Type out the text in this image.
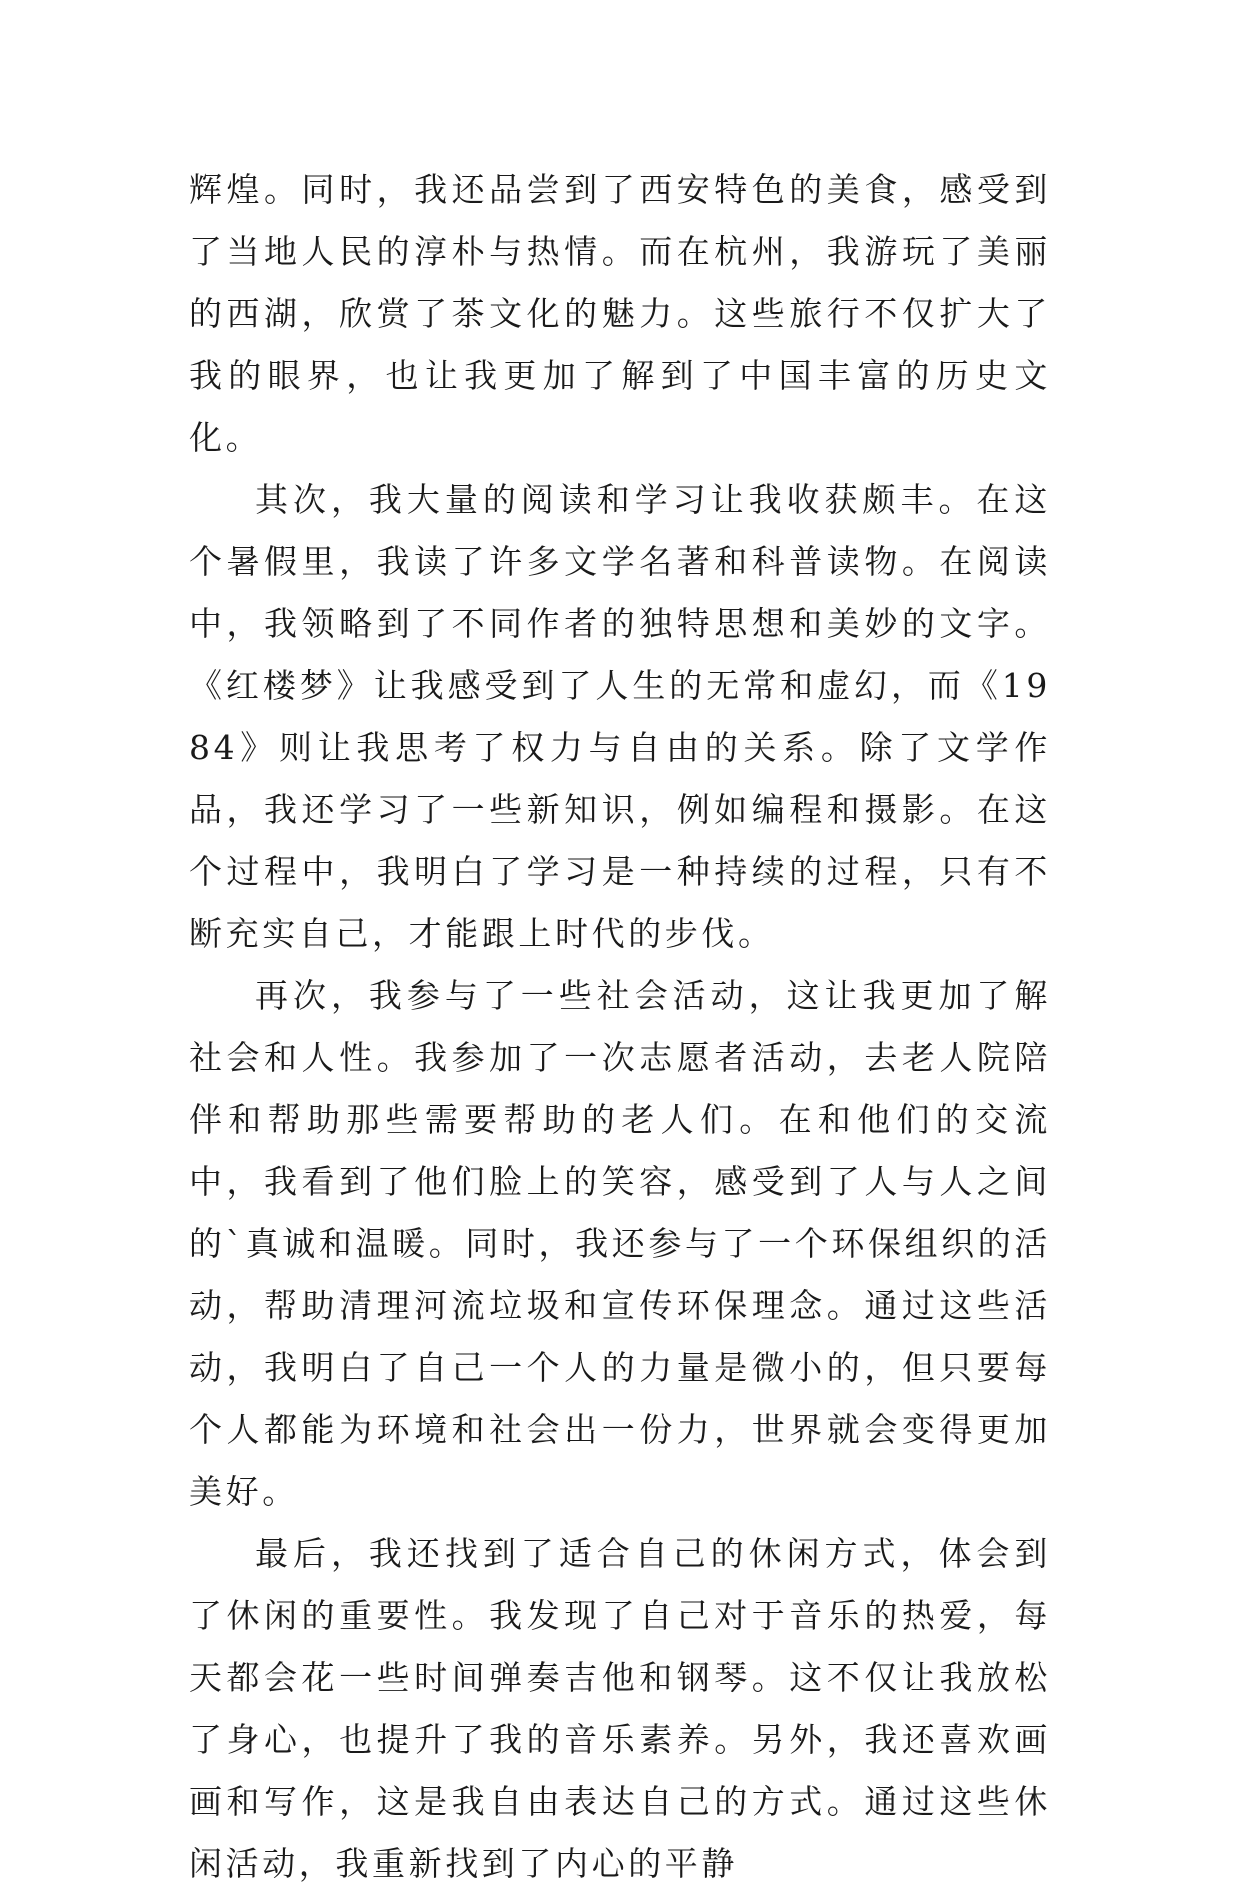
辉煌。同时，我还品尝到了西安特色的美食，感受到了当地人民的淳朴与热情。而在杭州，我游玩了美丽的西湖，欣赏了茶文化的魅力。这些旅行不仅扩大了我的眼界，也让我更加了解到了中国丰富的历史文化。

其次，我大量的阅读和学习让我收获颇丰。在这个暑假里，我读了许多文学名著和科普读物。在阅读中，我领略到了不同作者的独特思想和美妙的文字。《红楼梦》让我感受到了人生的无常和虚幻，而《1984》则让我思考了权力与自由的关系。除了文学作品，我还学习了一些新知识，例如编程和摄影。在这个过程中，我明白了学习是一种持续的过程，只有不断充实自己，才能跟上时代的步伐。

再次，我参与了一些社会活动，这让我更加了解社会和人性。我参加了一次志愿者活动，去老人院陪伴和帮助那些需要帮助的老人们。在和他们的交流中，我看到了他们脸上的笑容，感受到了人与人之间的`真诚和温暖。同时，我还参与了一个环保组织的活动，帮助清理河流垃圾和宣传环保理念。通过这些活动，我明白了自己一个人的力量是微小的，但只要每个人都能为环境和社会出一份力，世界就会变得更加美好。

最后，我还找到了适合自己的休闲方式，体会到了休闲的重要性。我发现了自己对于音乐的热爱，每天都会花一些时间弹奏吉他和钢琴。这不仅让我放松了身心，也提升了我的音乐素养。另外，我还喜欢画画和写作，这是我自由表达自己的方式。通过这些休闲活动，我重新找到了内心的平静
